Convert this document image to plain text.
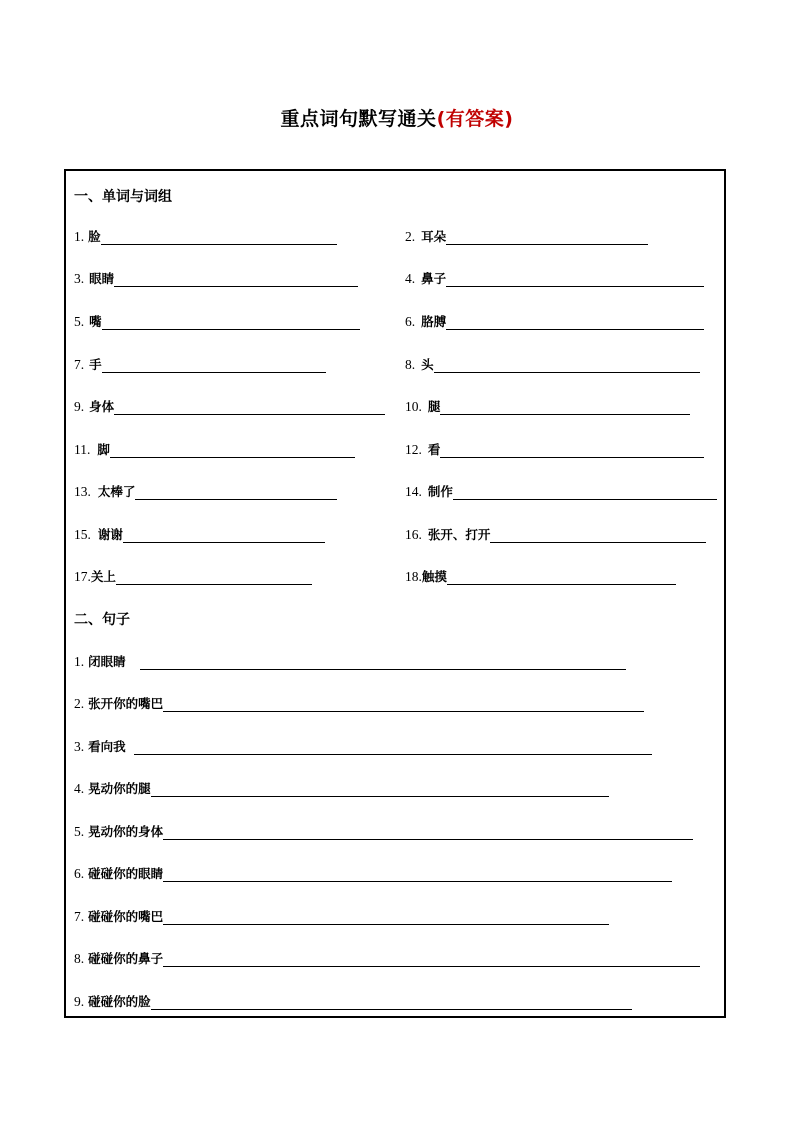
重点词句默写通关(有答案)
一、单词与词组
1. 脸
3. 眼睛
5. 嘴
7. 手
9. 身体
11. 脚
13. 太棒了
15. 谢谢
17. 关上
2. 耳朵
4. 鼻子
6. 胳膊
8. 头
10. 腿
12. 看
14. 制作
16. 张开、打开
18. 触摸
二、句子
1. 闭眼睛
2. 张开你的嘴巴
3. 看向我
4. 晃动你的腿
5. 晃动你的身体
6. 碰碰你的眼睛
7. 碰碰你的嘴巴
8. 碰碰你的鼻子
9. 碰碰你的脸
